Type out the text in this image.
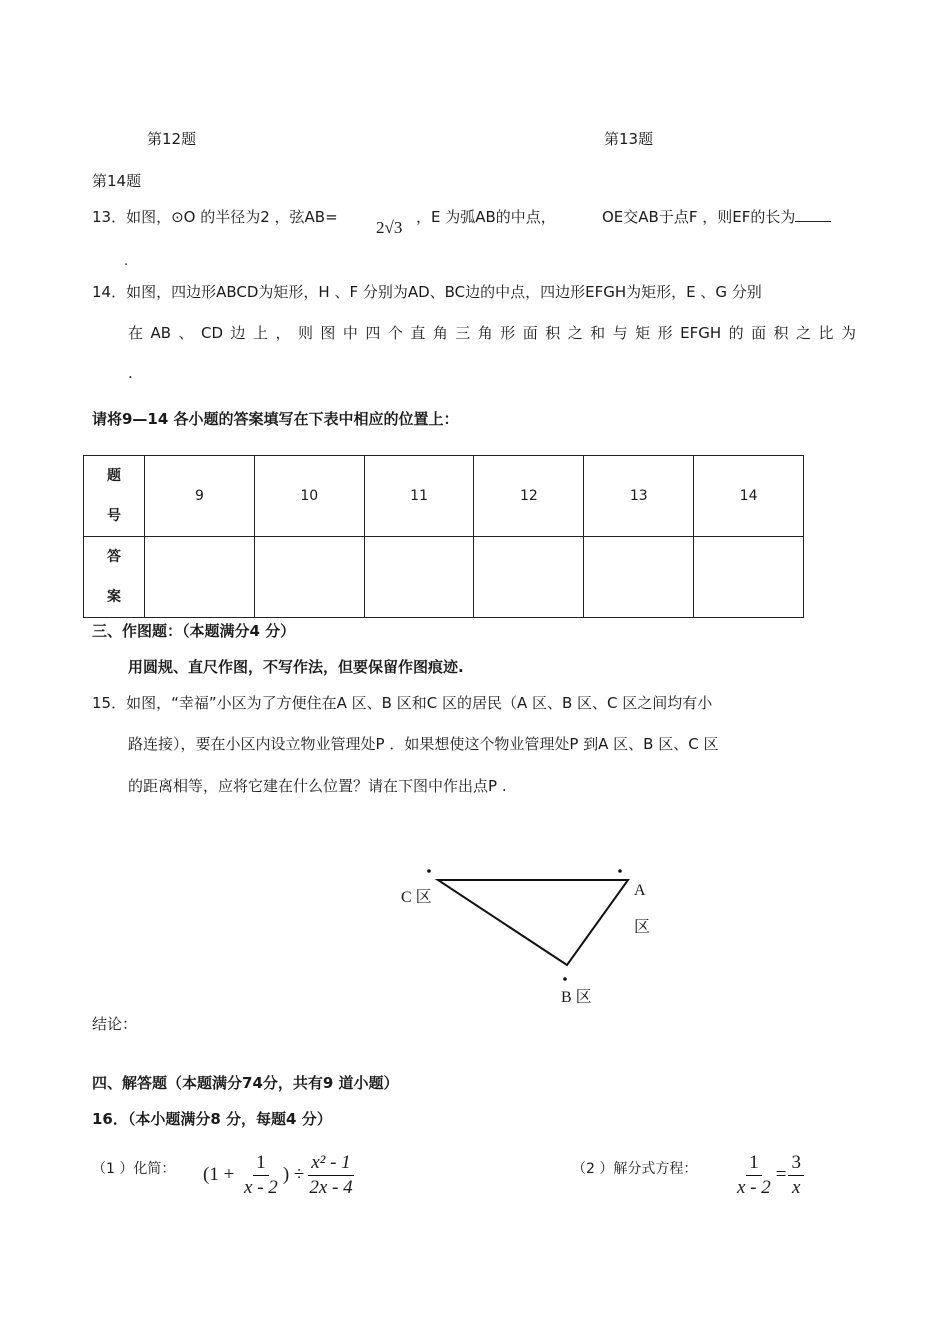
第12题	第13题
第14题
13．如图，⊙O 的半径为2 ，弦AB=
2√3
，E 为弧AB的中点，	OE交AB于点F ，则EF的长为
.
14．如图，四边形ABCD为矩形，H 、F 分别为AD、BC边的中点，四边形EFGH为矩形，E 、G 分别
在AB、CD边上，则图中四个直角三角形面积之和与矩形EFGH的面积之比为
.
请将9—14 各小题的答案填写在下表中相应的位置上：
题
号	9	10	11	12	13	14

答
案						

三、作图题：（本题满分4 分）
用圆规、直尺作图，不写作法，但要保留作图痕迹.
15．如图，“幸福”小区为了方便住在A 区、B 区和C 区的居民（A 区、B 区、C 区之间均有小
路连接），要在小区内设立物业管理处P ．如果想使这个物业管理处P 到A 区、B 区、C 区
的距离相等，应将它建在什么位置？请在下图中作出点P .
C 区	A
区
B 区
结论：
四、解答题（本题满分74分，共有9 道小题）
16．（本小题满分8 分，每题4 分）
（1 ）化简： ($1 + \frac{1}{x - 2}$ ) ÷ $\frac{\text{x² - 1}}{2x - 4}$	（2 ）解分式方程： $\frac{1}{x - 2} = \frac{3}{x}$
